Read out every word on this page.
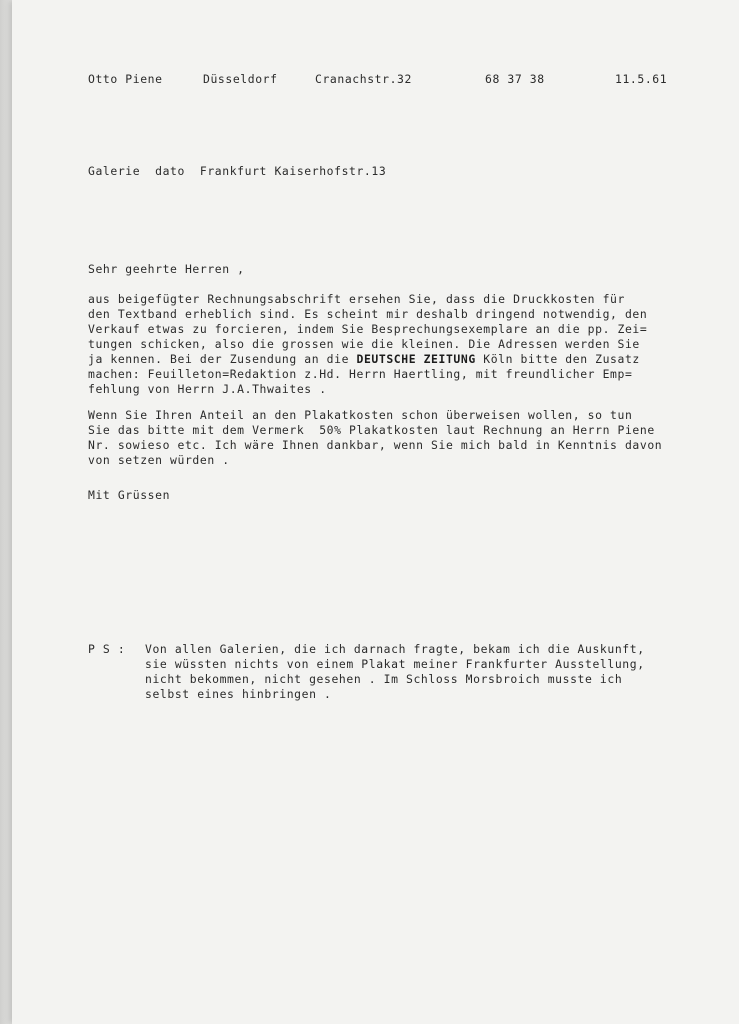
Otto Piene	Düsseldorf	Cranachstr.32	68 37 38	11.5.61
Galerie  dato  Frankfurt Kaiserhofstr.13
Sehr geehrte Herren ,

aus beigefügter Rechnungsabschrift ersehen Sie, dass die Druckkosten für

den Textband erheblich sind. Es scheint mir deshalb dringend notwendig, den

Verkauf etwas zu forcieren, indem Sie Besprechungsexemplare an die pp. Zei=

tungen schicken, also die grossen wie die kleinen. Die Adressen werden Sie

ja kennen. Bei der Zusendung an die DEUTSCHE ZEITUNG Köln bitte den Zusatz

machen: Feuilleton=Redaktion z.Hd. Herrn Haertling, mit freundlicher Emp=

fehlung von Herrn J.A.Thwaites .

Wenn Sie Ihren Anteil an den Plakatkosten schon überweisen wollen, so tun

Sie das bitte mit dem Vermerk  50% Plakatkosten laut Rechnung an Herrn Piene

Nr. sowieso etc. Ich wäre Ihnen dankbar, wenn Sie mich bald in Kenntnis davon

von setzen würden .

Mit Grüssen
P S :

Von allen Galerien, die ich darnach fragte, bekam ich die Auskunft,

sie wüssten nichts von einem Plakat meiner Frankfurter Ausstellung,

nicht bekommen, nicht gesehen . Im Schloss Morsbroich musste ich

selbst eines hinbringen .
